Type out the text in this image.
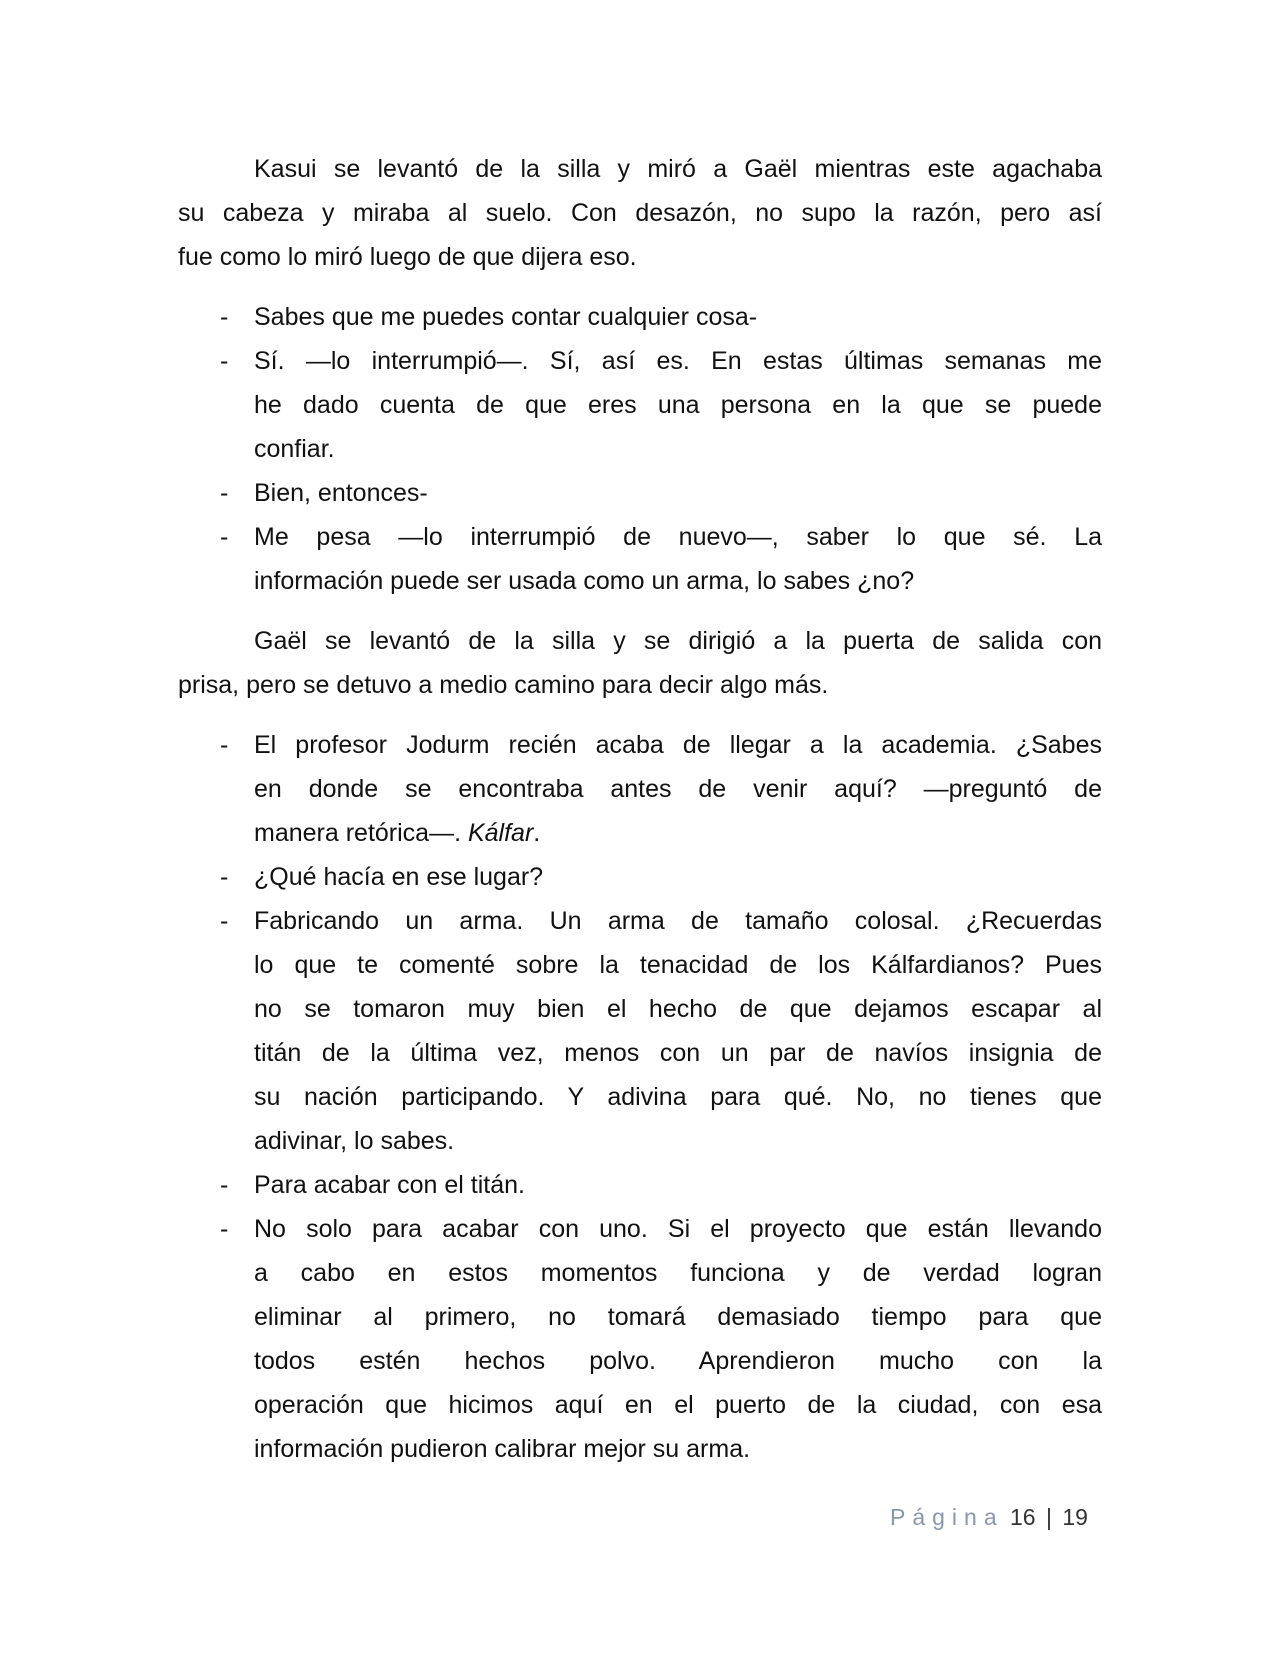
Kasui se levantó de la silla y miró a Gaël mientras este agachaba
su cabeza y miraba al suelo. Con desazón, no supo la razón, pero así
fue como lo miró luego de que dijera eso.
- Sabes que me puedes contar cualquier cosa-
- Sí. —lo interrumpió—. Sí, así es. En estas últimas semanas me
he dado cuenta de que eres una persona en la que se puede
confiar.
- Bien, entonces-
- Me pesa —lo interrumpió de nuevo—, saber lo que sé. La
información puede ser usada como un arma, lo sabes ¿no?
Gaël se levantó de la silla y se dirigió a la puerta de salida con
prisa, pero se detuvo a medio camino para decir algo más.
- El profesor Jodurm recién acaba de llegar a la academia. ¿Sabes
en donde se encontraba antes de venir aquí? —preguntó de
manera retórica—. Kálfar.
- ¿Qué hacía en ese lugar?
- Fabricando un arma. Un arma de tamaño colosal. ¿Recuerdas
lo que te comenté sobre la tenacidad de los Kálfardianos? Pues
no se tomaron muy bien el hecho de que dejamos escapar al
titán de la última vez, menos con un par de navíos insignia de
su nación participando. Y adivina para qué. No, no tienes que
adivinar, lo sabes.
- Para acabar con el titán.
- No solo para acabar con uno. Si el proyecto que están llevando
a cabo en estos momentos funciona y de verdad logran
eliminar al primero, no tomará demasiado tiempo para que
todos estén hechos polvo. Aprendieron mucho con la
operación que hicimos aquí en el puerto de la ciudad, con esa
información pudieron calibrar mejor su arma.
Página 16 | 19
